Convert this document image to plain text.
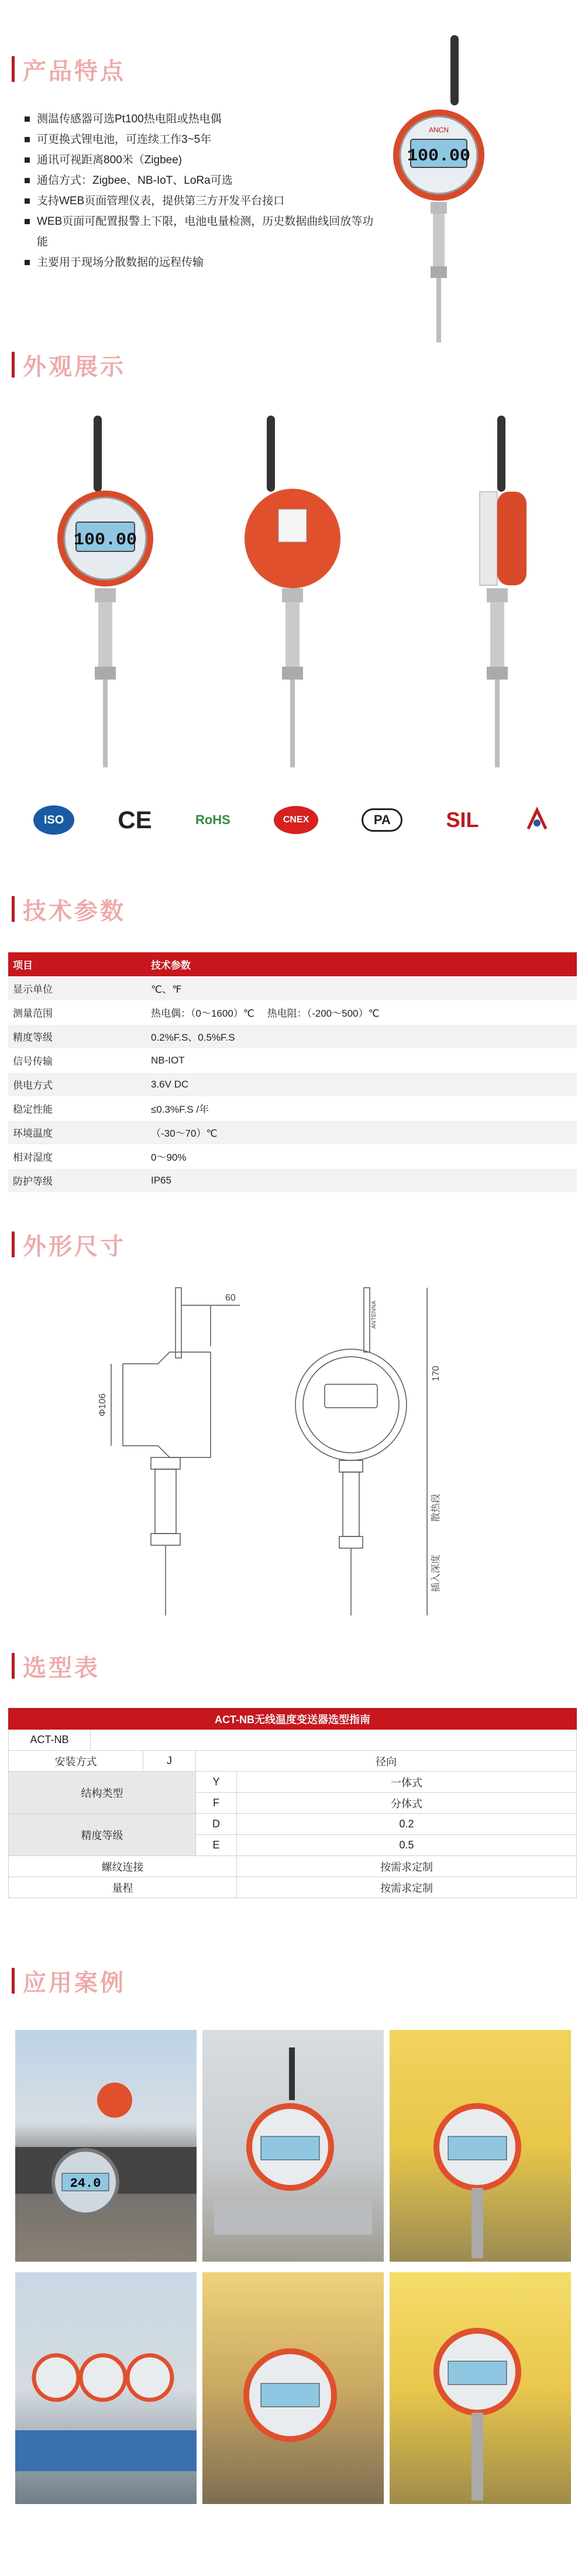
产品特点
测温传感器可选Pt100热电阻或热电偶
可更换式锂电池，可连续工作3~5年
通讯可视距离800米（Zigbee)
通信方式：Zigbee、NB-IoT、LoRa可选
支持WEB页面管理仪表，提供第三方开发平台接口
WEB页面可配置报警上下限，电池电量检测，历史数据曲线回放等功能
主要用于现场分散数据的远程传输
ANCN
100.00
外观展示
100.00
ISO	CE	RoHS	CNEX	PA	SIL
技术参数
项目	技术参数
显示单位	℃、℉
测量范围	热电偶：（0～1600）℃　 热电阻：（-200～500）℃
精度等级	0.2%F.S、0.5%F.S
信号传输	NB-IOT
供电方式	3.6V DC
稳定性能	≤0.3%F.S /年
环境温度	（-30～70）℃
相对湿度	0～90%
防护等级	IP65
外形尺寸
60
Φ106
170
散热段
插入深度
ANTENNA
选型表
ACT-NB无线温度变送器选型指南				
ACT-NB				
安装方式		J	径向	
结构类型			Y	一体式
			F	分体式
精度等级			D	0.2
			E	0.5
螺纹连接				按需求定制
量程				按需求定制
应用案例
24.0
